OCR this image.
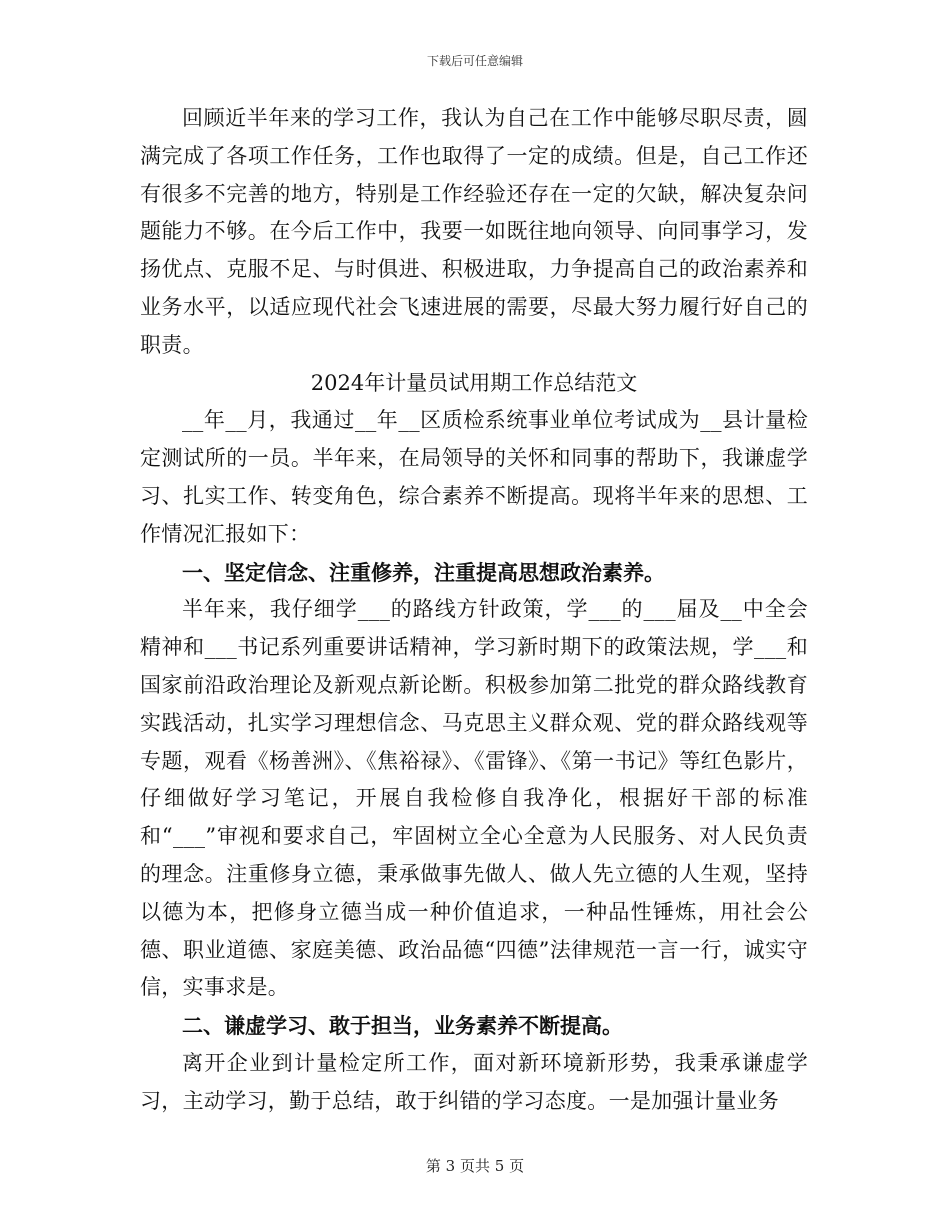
下载后可任意编辑

回顾近半年来的学习工作，我认为自己在工作中能够尽职尽责，圆满完成了各项工作任务，工作也取得了一定的成绩。但是，自己工作还有很多不完善的地方，特别是工作经验还存在一定的欠缺，解决复杂问题能力不够。在今后工作中，我要一如既往地向领导、向同事学习，发扬优点、克服不足、与时俱进、积极进取，力争提高自己的政治素养和业务水平，以适应现代社会飞速进展的需要，尽最大努力履行好自己的职责。

2024年计量员试用期工作总结范文

__年__月，我通过__年__区质检系统事业单位考试成为__县计量检定测试所的一员。半年来，在局领导的关怀和同事的帮助下，我谦虚学习、扎实工作、转变角色，综合素养不断提高。现将半年来的思想、工作情况汇报如下：

一、坚定信念、注重修养，注重提高思想政治素养。

半年来，我仔细学___的路线方针政策，学___的___届及__中全会精神和___书记系列重要讲话精神，学习新时期下的政策法规，学___和国家前沿政治理论及新观点新论断。积极参加第二批党的群众路线教育实践活动，扎实学习理想信念、马克思主义群众观、党的群众路线观等专题，观看《杨善洲》、《焦裕禄》、《雷锋》、《第一书记》等红色影片，仔细做好学习笔记，开展自我检修自我净化，根据好干部的标准和“___”审视和要求自己，牢固树立全心全意为人民服务、对人民负责的理念。注重修身立德，秉承做事先做人、做人先立德的人生观，坚持以德为本，把修身立德当成一种价值追求，一种品性锤炼，用社会公德、职业道德、家庭美德、政治品德“四德”法律规范一言一行，诚实守信，实事求是。

二、谦虚学习、敢于担当，业务素养不断提高。

离开企业到计量检定所工作，面对新环境新形势，我秉承谦虚学习，主动学习，勤于总结，敢于纠错的学习态度。一是加强计量业务

第 3 页共 5 页
